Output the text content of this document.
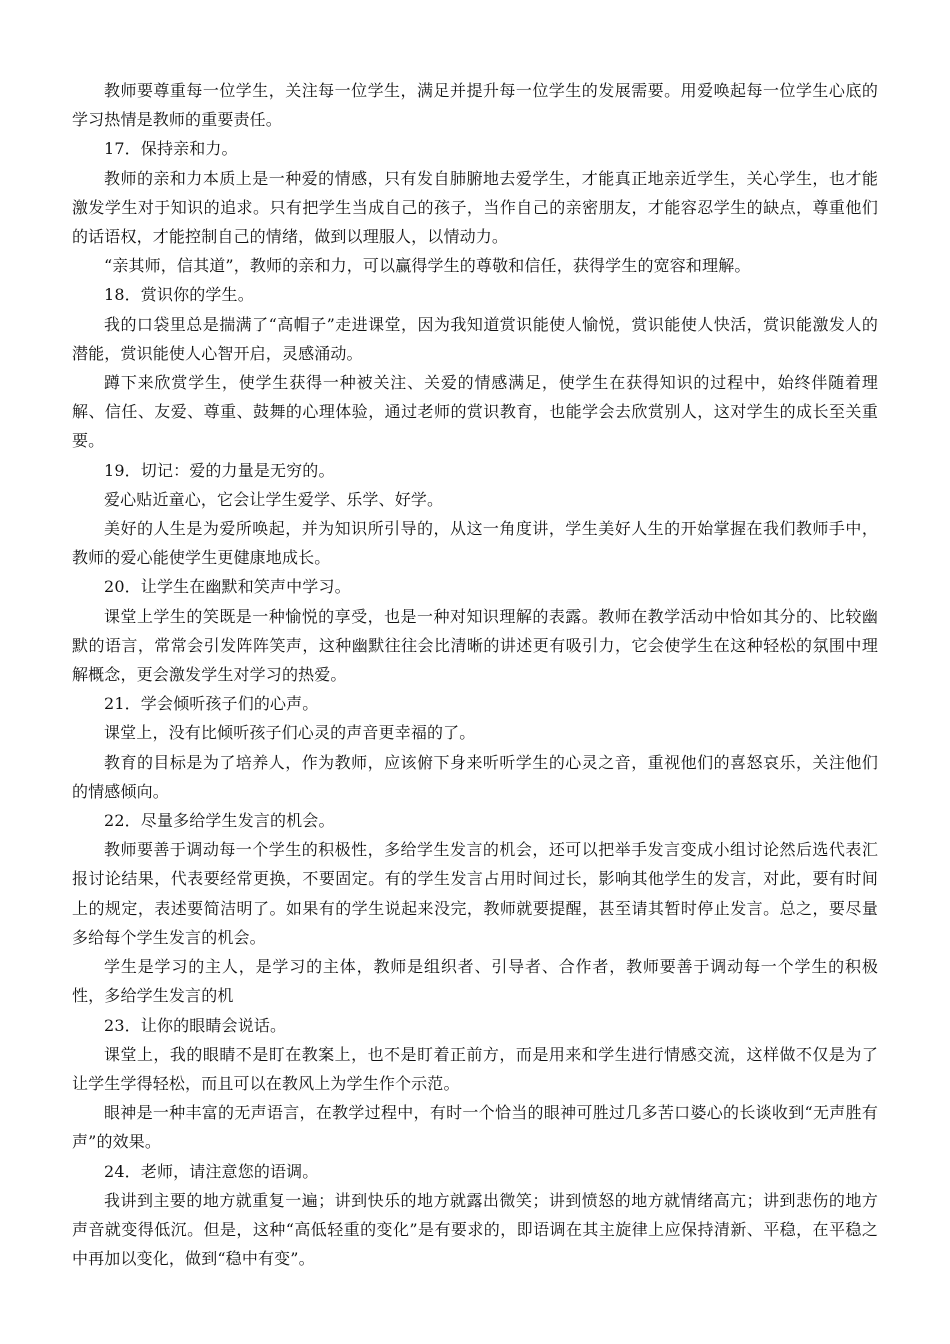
教师要尊重每一位学生，关注每一位学生，满足并提升每一位学生的发展需要。用爱唤起每一位学生心底的学习热情是教师的重要责任。

17．保持亲和力。

教师的亲和力本质上是一种爱的情感，只有发自肺腑地去爱学生，才能真正地亲近学生，关心学生，也才能激发学生对于知识的追求。只有把学生当成自己的孩子，当作自己的亲密朋友，才能容忍学生的缺点，尊重他们的话语权，才能控制自己的情绪，做到以理服人，以情动力。

“亲其师，信其道”，教师的亲和力，可以赢得学生的尊敬和信任，获得学生的宽容和理解。

18．赏识你的学生。

我的口袋里总是揣满了“高帽子”走进课堂，因为我知道赏识能使人愉悦，赏识能使人快活，赏识能激发人的潜能，赏识能使人心智开启，灵感涌动。

蹲下来欣赏学生，使学生获得一种被关注、关爱的情感满足，使学生在获得知识的过程中，始终伴随着理解、信任、友爱、尊重、鼓舞的心理体验，通过老师的赏识教育，也能学会去欣赏别人，这对学生的成长至关重要。

19．切记：爱的力量是无穷的。

爱心贴近童心，它会让学生爱学、乐学、好学。

美好的人生是为爱所唤起，并为知识所引导的，从这一角度讲，学生美好人生的开始掌握在我们教师手中，教师的爱心能使学生更健康地成长。

20．让学生在幽默和笑声中学习。

课堂上学生的笑既是一种愉悦的享受，也是一种对知识理解的表露。教师在教学活动中恰如其分的、比较幽默的语言，常常会引发阵阵笑声，这种幽默往往会比清晰的讲述更有吸引力，它会使学生在这种轻松的氛围中理解概念，更会激发学生对学习的热爱。

21．学会倾听孩子们的心声。

课堂上，没有比倾听孩子们心灵的声音更幸福的了。

教育的目标是为了培养人，作为教师，应该俯下身来听听学生的心灵之音，重视他们的喜怒哀乐，关注他们的情感倾向。

22．尽量多给学生发言的机会。

教师要善于调动每一个学生的积极性，多给学生发言的机会，还可以把举手发言变成小组讨论然后选代表汇报讨论结果，代表要经常更换，不要固定。有的学生发言占用时间过长，影响其他学生的发言，对此，要有时间上的规定，表述要简洁明了。如果有的学生说起来没完，教师就要提醒，甚至请其暂时停止发言。总之，要尽量多给每个学生发言的机会。

学生是学习的主人，是学习的主体，教师是组织者、引导者、合作者，教师要善于调动每一个学生的积极性，多给学生发言的机

23．让你的眼睛会说话。

课堂上，我的眼睛不是盯在教案上，也不是盯着正前方，而是用来和学生进行情感交流，这样做不仅是为了让学生学得轻松，而且可以在教风上为学生作个示范。

眼神是一种丰富的无声语言，在教学过程中，有时一个恰当的眼神可胜过几多苦口婆心的长谈收到“无声胜有声”的效果。

24．老师，请注意您的语调。

我讲到主要的地方就重复一遍；讲到快乐的地方就露出微笑；讲到愤怒的地方就情绪高亢；讲到悲伤的地方声音就变得低沉。但是，这种“高低轻重的变化”是有要求的，即语调在其主旋律上应保持清新、平稳，在平稳之中再加以变化，做到“稳中有变”。
